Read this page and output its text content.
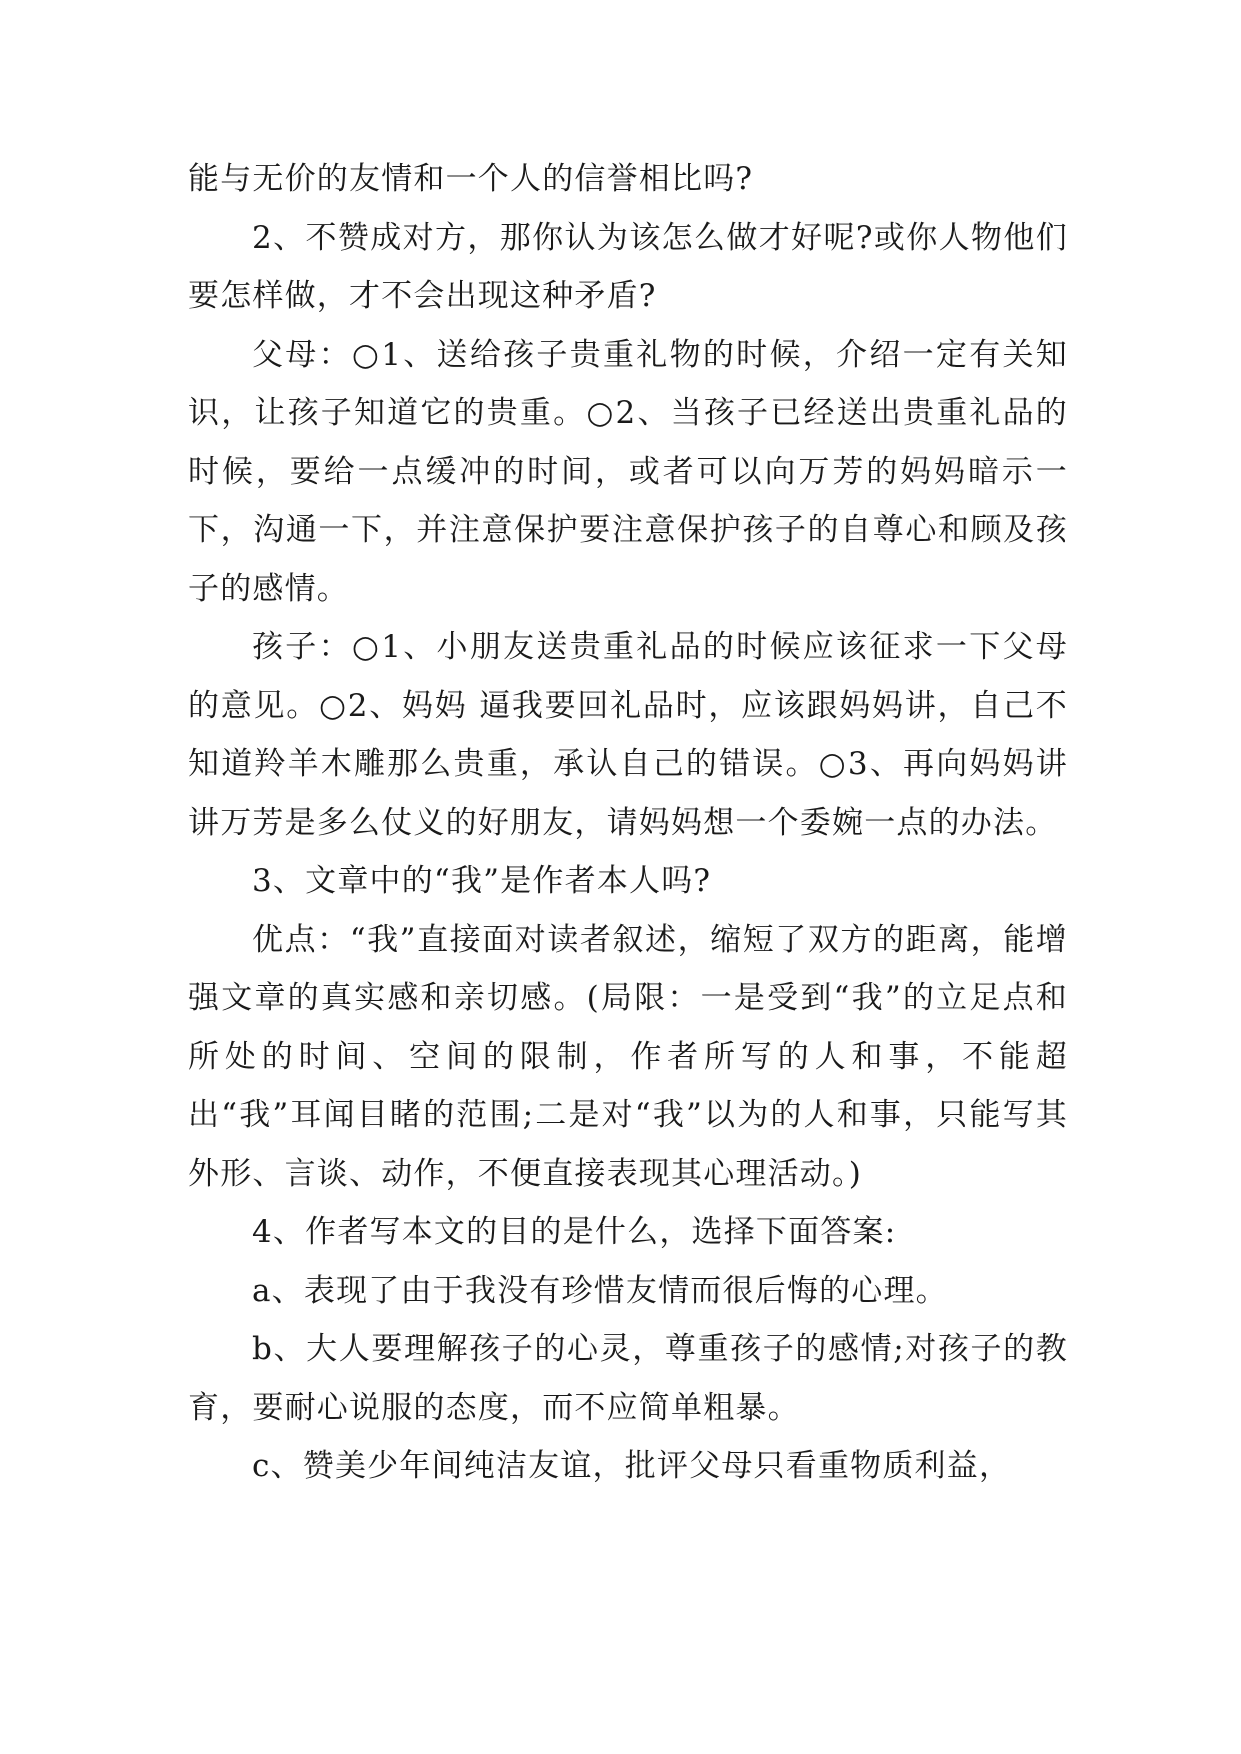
能与无价的友情和一个人的信誉相比吗?

2、不赞成对方，那你认为该怎么做才好呢?或你人物他们要怎样做，才不会出现这种矛盾?

父母：○1、送给孩子贵重礼物的时候，介绍一定有关知识，让孩子知道它的贵重。○2、当孩子已经送出贵重礼品的时候，要给一点缓冲的时间，或者可以向万芳的妈妈暗示一下，沟通一下，并注意保护要注意保护孩子的自尊心和顾及孩子的感情。

孩子：○1、小朋友送贵重礼品的时候应该征求一下父母的意见。○2、妈妈 逼我要回礼品时，应该跟妈妈讲，自己不知道羚羊木雕那么贵重，承认自己的错误。○3、再向妈妈讲讲万芳是多么仗义的好朋友，请妈妈想一个委婉一点的办法。

3、文章中的“我”是作者本人吗?

优点：“我”直接面对读者叙述，缩短了双方的距离，能增强文章的真实感和亲切感。(局限：一是受到“我”的立足点和所处的时间、空间的限制，作者所写的人和事，不能超出“我”耳闻目睹的范围;二是对“我”以为的人和事，只能写其外形、言谈、动作，不便直接表现其心理活动。)

4、作者写本文的目的是什么，选择下面答案:

a、表现了由于我没有珍惜友情而很后悔的心理。

b、大人要理解孩子的心灵，尊重孩子的感情;对孩子的教育，要耐心说服的态度，而不应简单粗暴。

c、赞美少年间纯洁友谊，批评父母只看重物质利益，
